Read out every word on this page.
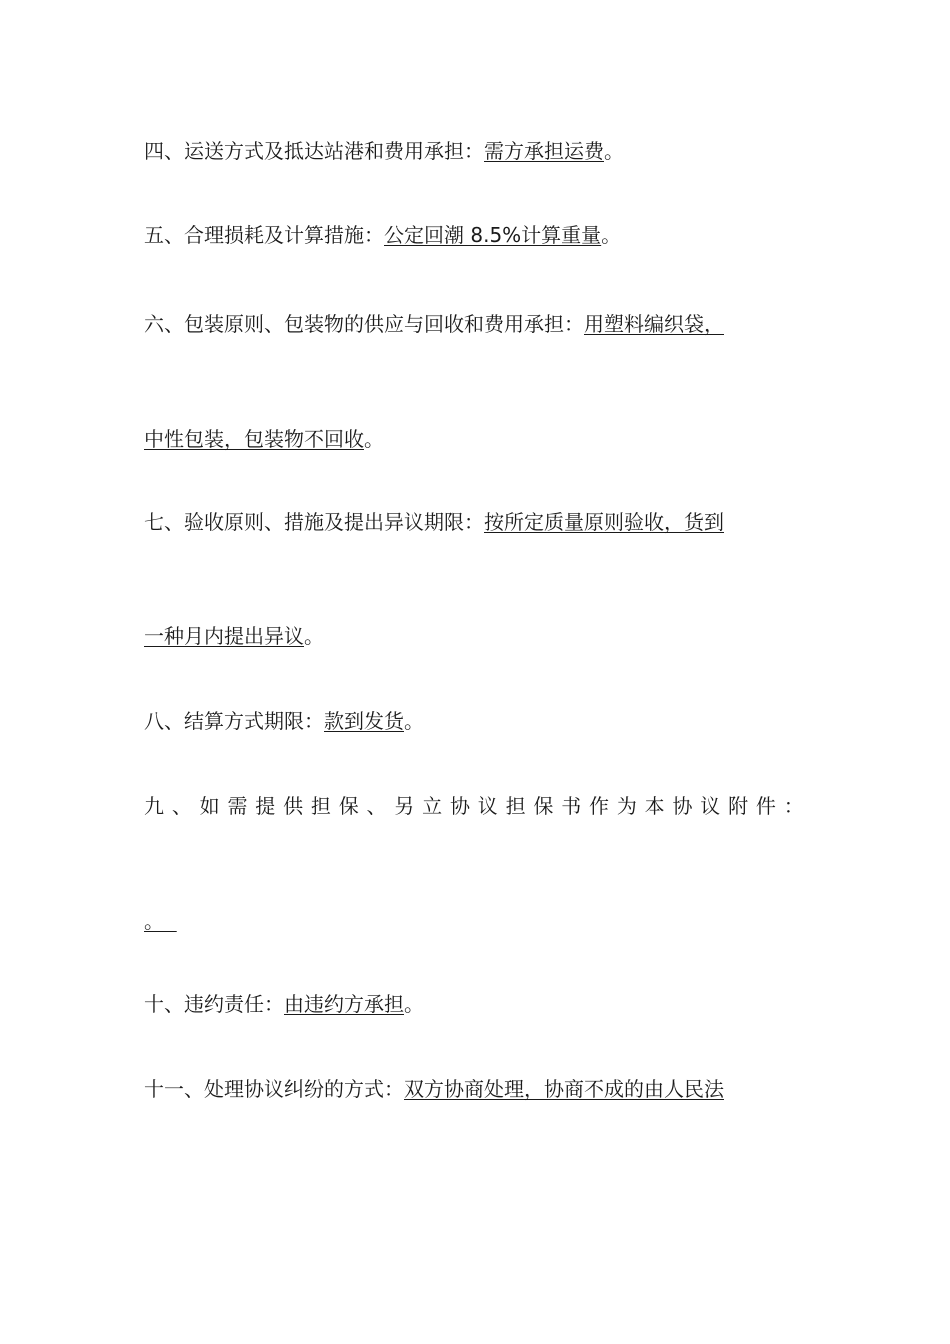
四、运送方式及抵达站港和费用承担：需方承担运费。

五、合理损耗及计算措施：公定回潮 8.5%计算重量。

六、包装原则、包装物的供应与回收和费用承担：用塑料编织袋，

中性包装，包装物不回收。

七、验收原则、措施及提出异议期限：按所定质量原则验收，货到

一种月内提出异议。

八、结算方式期限：款到发货。

九 、 如 需 提 供 担 保 、 另 立 协 议 担 保 书 作 为 本 协 议 附 件 ：

。

十、违约责任：由违约方承担。

十一、处理协议纠纷的方式：双方协商处理，协商不成的由人民法
